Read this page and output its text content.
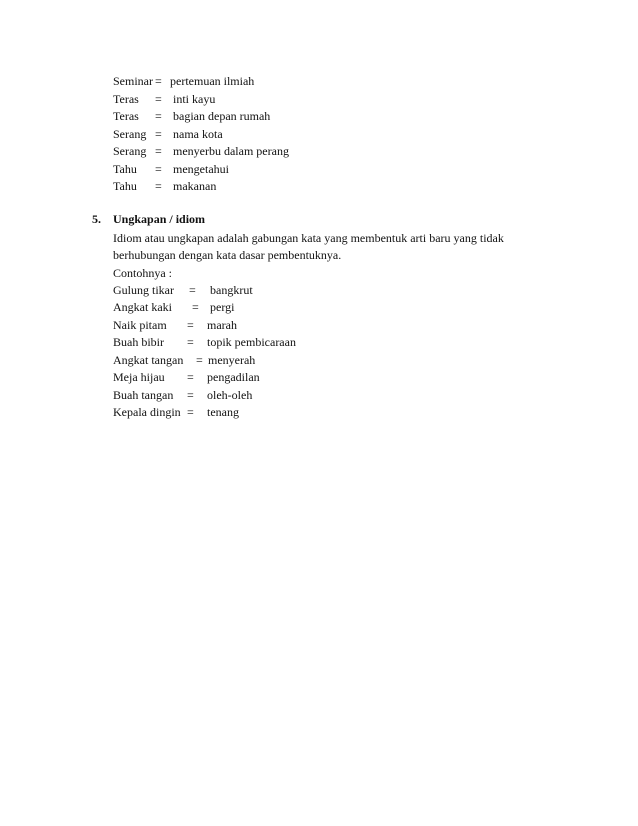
Seminar = pertemuan ilmiah
Teras = inti kayu
Teras = bagian depan rumah
Serang = nama kota
Serang = menyerbu dalam perang
Tahu = mengetahui
Tahu = makanan
5. Ungkapan / idiom
Idiom atau ungkapan adalah gabungan kata yang membentuk arti baru yang tidak
berhubungan dengan kata dasar pembentuknya.
Contohnya :
Gulung tikar = bangkrut
Angkat kaki = pergi
Naik pitam = marah
Buah bibir = topik pembicaraan
Angkat tangan = menyerah
Meja hijau = pengadilan
Buah tangan = oleh-oleh
Kepala dingin = tenang
